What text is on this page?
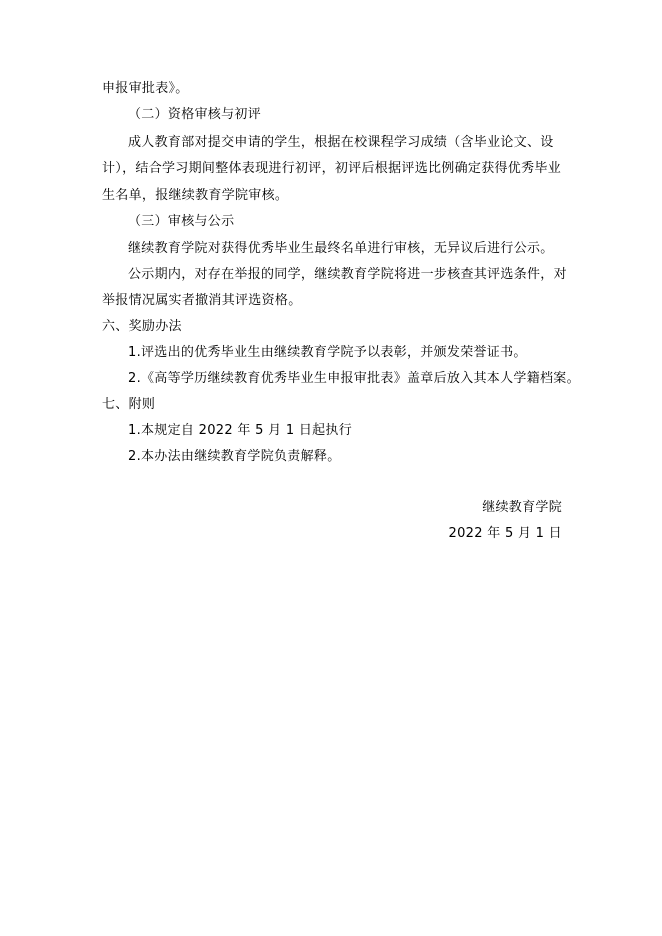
申报审批表》。
（二）资格审核与初评
成人教育部对提交申请的学生，根据在校课程学习成绩（含毕业论文、设
计），结合学习期间整体表现进行初评，初评后根据评选比例确定获得优秀毕业
生名单，报继续教育学院审核。
（三）审核与公示
继续教育学院对获得优秀毕业生最终名单进行审核，无异议后进行公示。
公示期内，对存在举报的同学，继续教育学院将进一步核查其评选条件，对
举报情况属实者撤消其评选资格。
六、奖励办法
1.评选出的优秀毕业生由继续教育学院予以表彰，并颁发荣誉证书。
2.《高等学历继续教育优秀毕业生申报审批表》盖章后放入其本人学籍档案。
七、附则
1.本规定自 2022 年 5 月 1 日起执行
2.本办法由继续教育学院负责解释。
继续教育学院
2022 年 5 月 1 日
